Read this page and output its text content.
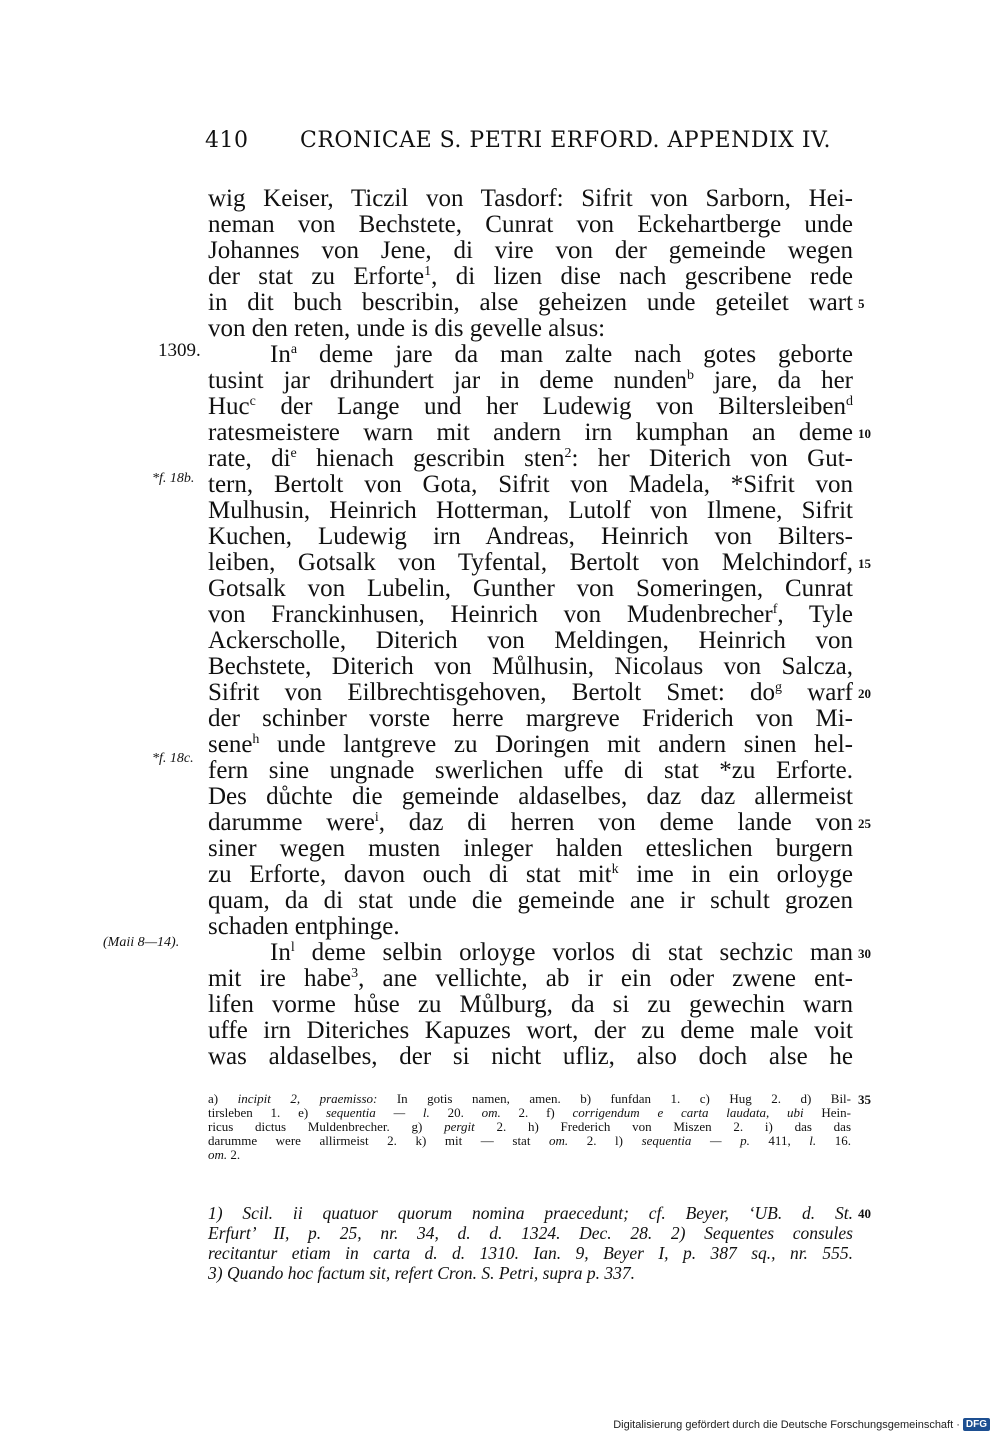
410 CRONICAE S. PETRI ERFORD. APPENDIX IV.
1309.
*f. 18b.
*f. 18c.
(Maii 8—14).
wig Keiser, Ticzil von Tasdorf: Sifrit von Sarborn, Hei-
neman von Bechstete, Cunrat von Eckehartberge unde
Johannes von Jene, di vire von der gemeinde wegen
der stat zu Erforte$^1$, di lizen dise nach gescribene rede
in dit buch bescribin, alse geheizen unde geteilet wart
von den reten, unde is dis gevelle alsus:
In$^a$ deme jare da man zalte nach gotes geborte
tusint jar drihundert jar in deme nunden$^b$ jare, da her
Huc$^c$ der Lange und her Ludewig von Biltersleiben$^d$
ratesmeistere warn mit andern irn kumphan an deme
rate, $di^e$ hienach gescribin sten$^2$: her Diterich von Gut-
tern, Bertolt von Gota, Sifrit von Madela, *Sifrit von
Mulhusin, Heinrich Hotterman, Lutolf von Ilmene, Sifrit
Kuchen, Ludewig irn Andreas, Heinrich von Bilters-
leiben, Gotsalk von Tyfental, Bertolt von Melchindorf,
Gotsalk von Lubelin, Gunther von Someringen, Cunrat
von Franckinhusen, Heinrich von Mudenbrecher$^f$, Tyle
Ackerscholle, Diterich von Meldingen, Heinrich von
Bechstete, Diterich von Můlhusin, Nicolaus von Salcza,
Sifrit von Eilbrechtisgehoven, Bertolt Smet: $do^g$ warf
der schinber vorste herre margreve Friderich von Mi-
sene$^h$ unde lantgreve zu Doringen mit andern sinen hel-
fern sine ungnade swerlichen uffe di stat *zu Erforte.
Des důchte die gemeinde aldaselbes, daz daz allermeist
darumme were$^i$, daz di herren von deme lande von
siner wegen musten inleger halden etteslichen burgern
zu Erforte, davon ouch di stat mit$^k$ ime in ein orloyge
quam, da di stat unde die gemeinde ane ir schult grozen
schaden entphinge.
In$^l$ deme selbin orloyge vorlos di stat sechzic man
mit ire habe$^3$, ane vellichte, ab ir ein oder zwene ent-
lifen vorme hůse zu Můlburg, da si zu gewechin warn
uffe irn Diteriches Kapuzes wort, der zu deme male voit
was aldaselbes, der si nicht ufliz, also doch alse he
5
10
15
20
25
30
35
40
a) incipit 2, praemisso: In gotis namen, amen. b) funfdan 1. c) Hug 2. d) Bil-
tirsleben 1. e) sequentia — l. 20. om. 2. f) corrigendum e carta laudata, ubi Hein-
ricus dictus Muldenbrecher. g) pergit 2. h) Frederich von Miszen 2. i) das das
darumme were allirmeist 2. k) mit — stat om. 2. l) sequentia — p. 411, l. 16.
om. 2.
1) Scil. ii quatuor quorum nomina praecedunt; cf. Beyer, ‘UB. d. St.
Erfurt’ II, p. 25, nr. 34, d. d. 1324. Dec. 28. 2) Sequentes consules
recitantur etiam in carta d. d. 1310. Ian. 9, Beyer I, p. 387 sq., nr. 555.
3) Quando hoc factum sit, refert Cron. S. Petri, supra p. 337.
Digitalisierung gefördert durch die Deutsche Forschungsgemeinschaft · DFG
